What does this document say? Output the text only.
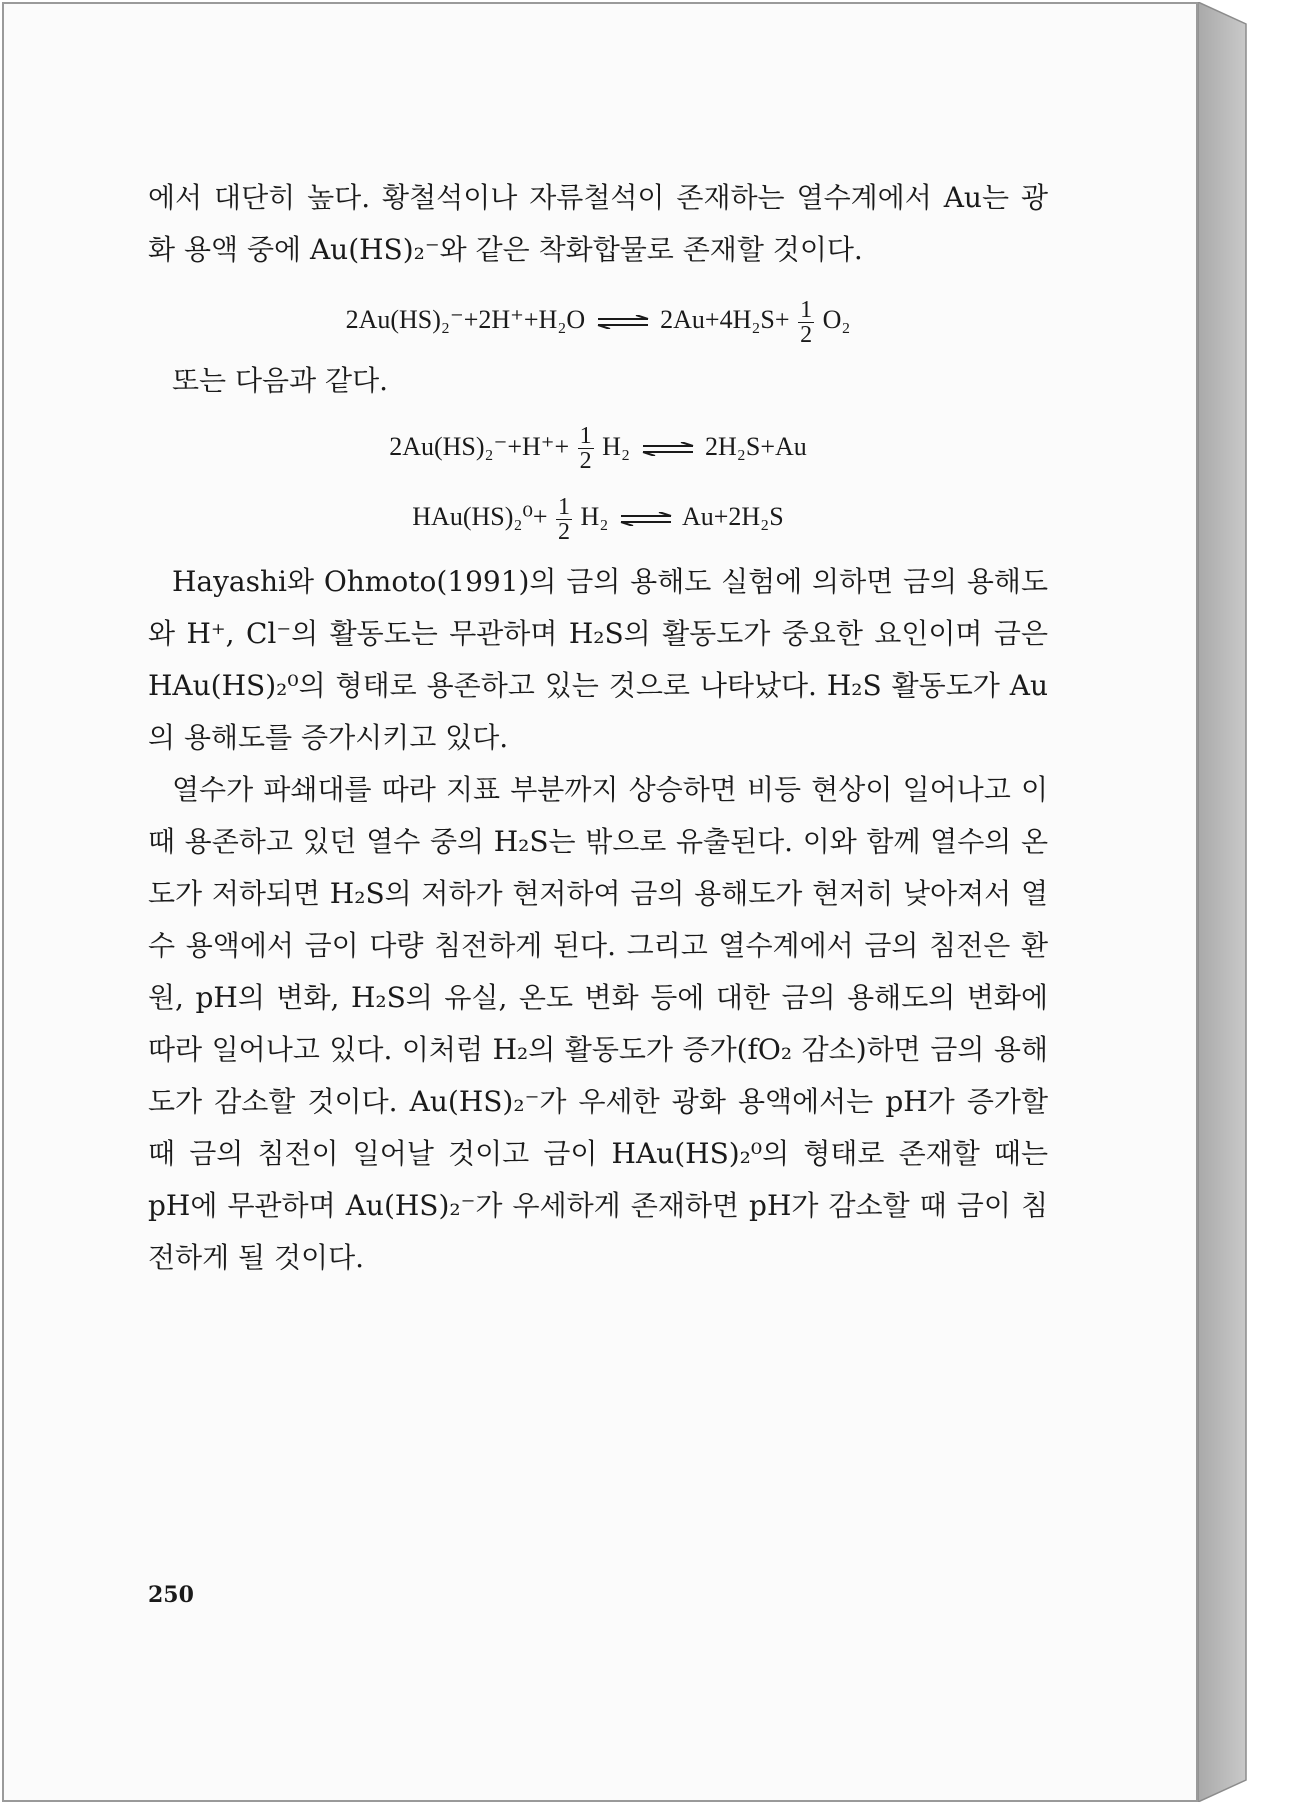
에서 대단히 높다. 황철석이나 자류철석이 존재하는 열수계에서 Au는 광화 용액 중에 Au(HS)₂⁻와 같은 착화합물로 존재할 것이다.

2Au(HS)₂⁻+2H⁺+H₂O ⇌ $2Au+4H_2S+ \frac{1}{2} O_2$

또는 다음과 같다.

$2Au(HS)_2^-+H^++ \frac{1}{2} H_2$ ⇌ 2H₂S+Au
$HAu(HS)_2^0+ \frac{1}{2} H_2$ ⇌ Au+2H₂S

Hayashi와 Ohmoto(1991)의 금의 용해도 실험에 의하면 금의 용해도와 H⁺, Cl⁻의 활동도는 무관하며 H₂S의 활동도가 중요한 요인이며 금은 HAu(HS)₂⁰의 형태로 용존하고 있는 것으로 나타났다. H₂S 활동도가 Au의 용해도를 증가시키고 있다.

열수가 파쇄대를 따라 지표 부분까지 상승하면 비등 현상이 일어나고 이때 용존하고 있던 열수 중의 H₂S는 밖으로 유출된다. 이와 함께 열수의 온도가 저하되면 H₂S의 저하가 현저하여 금의 용해도가 현저히 낮아져서 열수 용액에서 금이 다량 침전하게 된다. 그리고 열수계에서 금의 침전은 환원, pH의 변화, H₂S의 유실, 온도 변화 등에 대한 금의 용해도의 변화에 따라 일어나고 있다. 이처럼 H₂의 활동도가 증가(fO₂ 감소)하면 금의 용해도가 감소할 것이다. Au(HS)₂⁻가 우세한 광화 용액에서는 pH가 증가할 때 금의 침전이 일어날 것이고 금이 HAu(HS)₂⁰의 형태로 존재할 때는 pH에 무관하며 Au(HS)₂⁻가 우세하게 존재하면 pH가 감소할 때 금이 침전하게 될 것이다.

250
